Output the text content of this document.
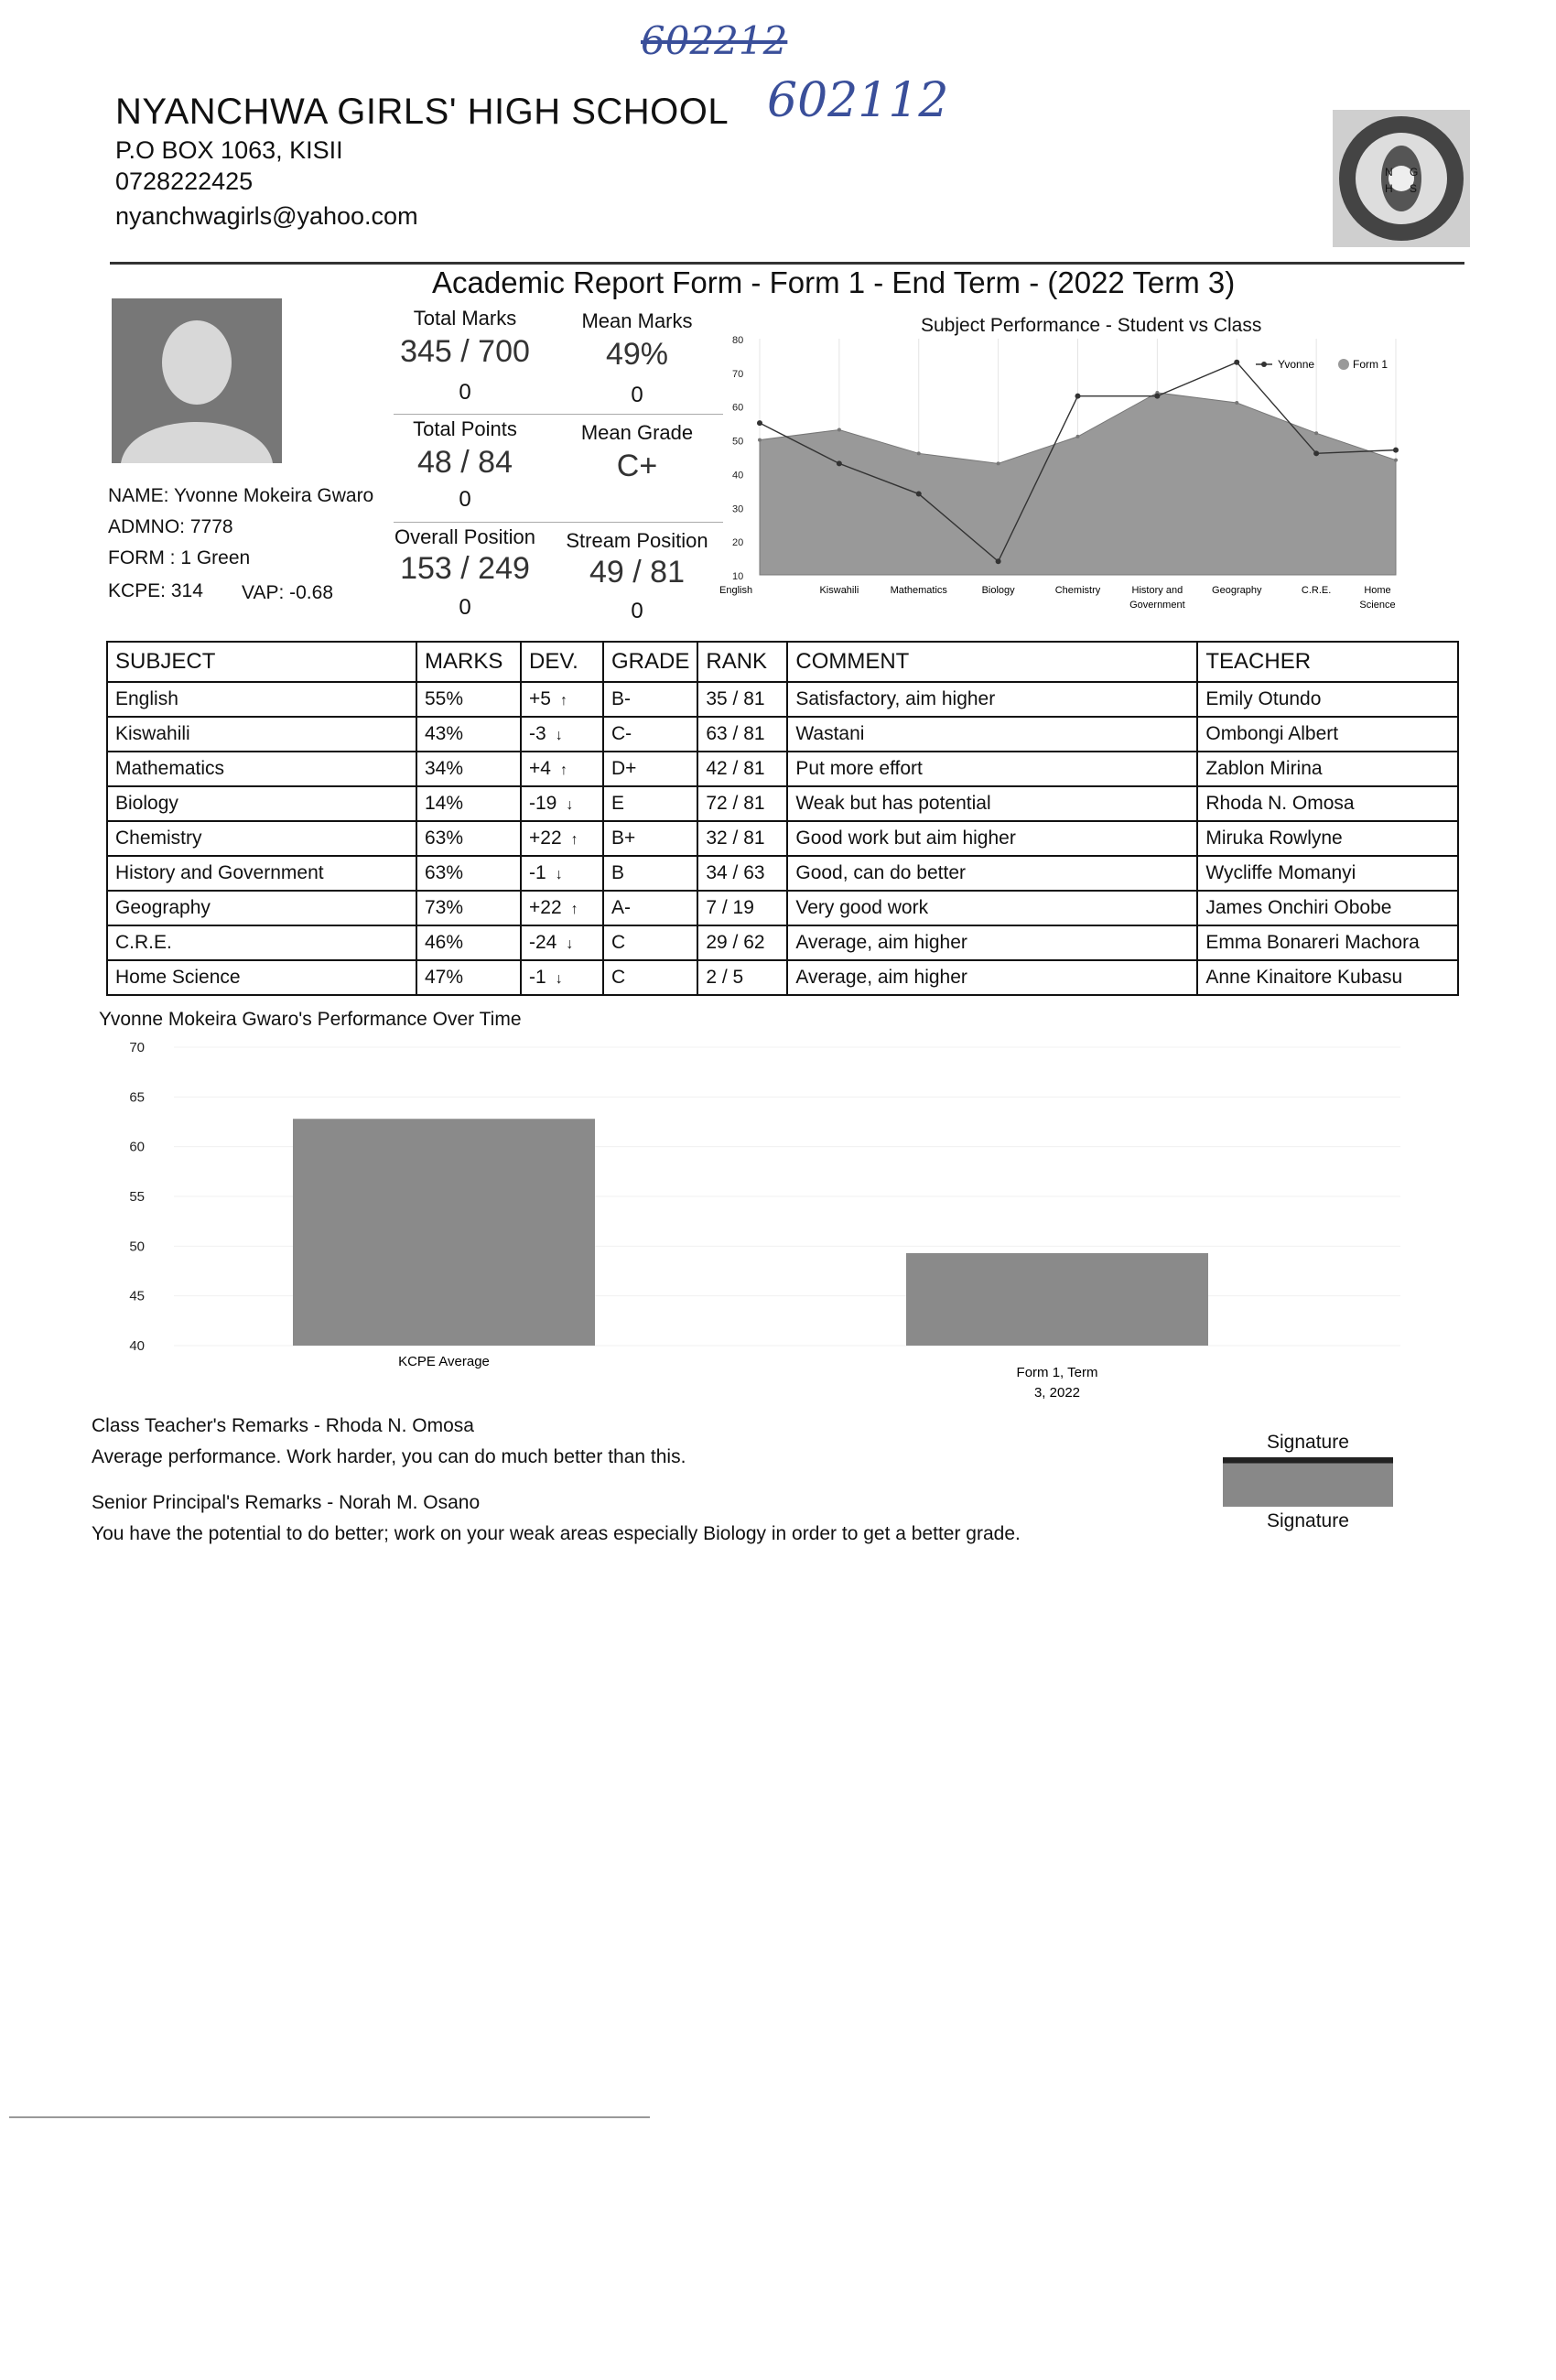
602212
602112
NYANCHWA GIRLS' HIGH SCHOOL
P.O BOX 1063, KISII
0728222425
nyanchwagirls@yahoo.com
N G
H S
Academic Report Form - Form 1 - End Term - (2022 Term 3)
NAME: Yvonne Mokeira Gwaro
ADMNO: 7778
FORM : 1 Green
KCPE: 314 VAP: -0.68
Total Marks
345 / 700
0
Mean Marks
49%
0
Total Points
48 / 84
0
Mean Grade
C+
Overall Position
153 / 249
0
Stream Position
49 / 81
0
Subject Performance - Student vs Class
10
20
30
40
50
60
70
80
English	Kiswahili	Mathematics	Biology	Chemistry	History and Government
Geography	C.R.E.	Home Science
Yvonne	Form 1
SUBJECT	MARKS	DEV.	GRADE	RANK	COMMENT	TEACHER
English	55%	+5 ↑	B-	35 / 81	Satisfactory, aim higher	Emily Otundo
Kiswahili	43%	-3 ↓	C-	63 / 81	Wastani	Ombongi Albert
Mathematics	34%	+4 ↑	D+	42 / 81	Put more effort	Zablon Mirina
Biology	14%	-19 ↓	E	72 / 81	Weak but has potential	Rhoda N. Omosa
Chemistry	63%	+22 ↑	B+	32 / 81	Good work but aim higher	Miruka Rowlyne
History and Government	63%	-1 ↓	B	34 / 63	Good, can do better	Wycliffe Momanyi
Geography	73%	+22 ↑	A-	7 / 19	Very good work	James Onchiri Obobe
C.R.E.	46%	-24 ↓	C	29 / 62	Average, aim higher	Emma Bonareri Machora
Home Science	47%	-1 ↓	C	2 / 5	Average, aim higher	Anne Kinaitore Kubasu
Yvonne Mokeira Gwaro's Performance Over Time
40
45
50
55
60
65
70
KCPE Average
Form 1, Term 3, 2022
Class Teacher's Remarks - Rhoda N. Omosa
Average performance. Work harder, you can do much better than this.
Senior Principal's Remarks - Norah M. Osano
You have the potential to do better; work on your weak areas especially Biology in order to get a better grade.
Signature
Signature
